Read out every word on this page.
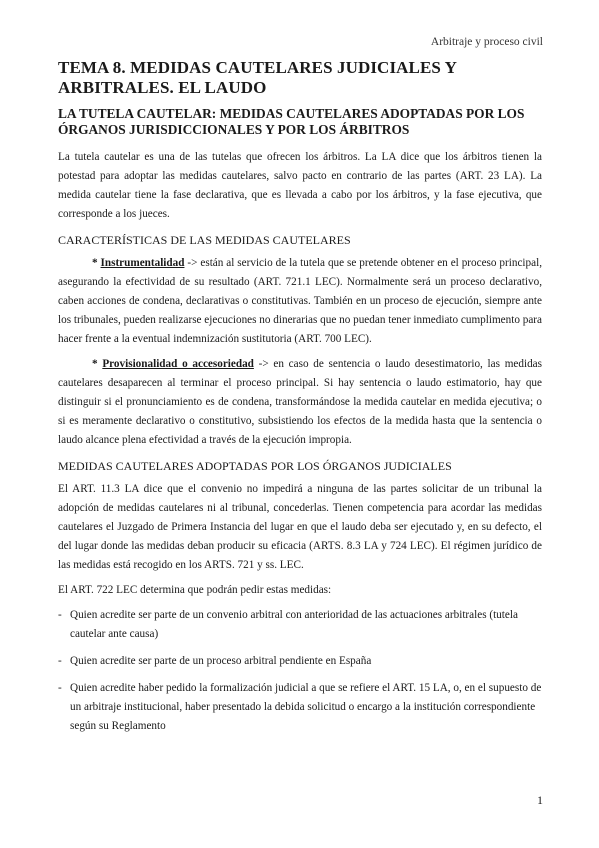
Arbitraje y proceso civil
TEMA 8. MEDIDAS CAUTELARES JUDICIALES Y ARBITRALES. EL LAUDO
LA TUTELA CAUTELAR: MEDIDAS CAUTELARES ADOPTADAS POR LOS ÓRGANOS JURISDICCIONALES Y POR LOS ÁRBITROS

La tutela cautelar es una de las tutelas que ofrecen los árbitros. La LA dice que los árbitros tienen la potestad para adoptar las medidas cautelares, salvo pacto en contrario de las partes (ART. 23 LA). La medida cautelar tiene la fase declarativa, que es llevada a cabo por los árbitros, y la fase ejecutiva, que corresponde a los jueces.

CARACTERÍSTICAS DE LAS MEDIDAS CAUTELARES

* Instrumentalidad -> están al servicio de la tutela que se pretende obtener en el proceso principal, asegurando la efectividad de su resultado (ART. 721.1 LEC). Normalmente será un proceso declarativo, caben acciones de condena, declarativas o constitutivas. También en un proceso de ejecución, siempre ante los tribunales, pueden realizarse ejecuciones no dinerarias que no puedan tener inmediato cumplimento para hacer frente a la eventual indemnización sustitutoria (ART. 700 LEC).

* Provisionalidad o accesoriedad -> en caso de sentencia o laudo desestimatorio, las medidas cautelares desaparecen al terminar el proceso principal. Si hay sentencia o laudo estimatorio, hay que distinguir si el pronunciamiento es de condena, transformándose la medida cautelar en medida ejecutiva; o si es meramente declarativo o constitutivo, subsistiendo los efectos de la medida hasta que la sentencia o laudo alcance plena efectividad a través de la ejecución impropia.

MEDIDAS CAUTELARES ADOPTADAS POR LOS ÓRGANOS JUDICIALES

El ART. 11.3 LA dice que el convenio no impedirá a ninguna de las partes solicitar de un tribunal la adopción de medidas cautelares ni al tribunal, concederlas. Tienen competencia para acordar las medidas cautelares el Juzgado de Primera Instancia del lugar en que el laudo deba ser ejecutado y, en su defecto, el del lugar donde las medidas deban producir su eficacia (ARTS. 8.3 LA y 724 LEC). El régimen jurídico de las medidas está recogido en los ARTS. 721 y ss. LEC.

El ART. 722 LEC determina que podrán pedir estas medidas:

- Quien acredite ser parte de un convenio arbitral con anterioridad de las actuaciones arbitrales (tutela cautelar ante causa)
- Quien acredite ser parte de un proceso arbitral pendiente en España
- Quien acredite haber pedido la formalización judicial a que se refiere el ART. 15 LA, o, en el supuesto de un arbitraje institucional, haber presentado la debida solicitud o encargo a la institución correspondiente según su Reglamento
1
